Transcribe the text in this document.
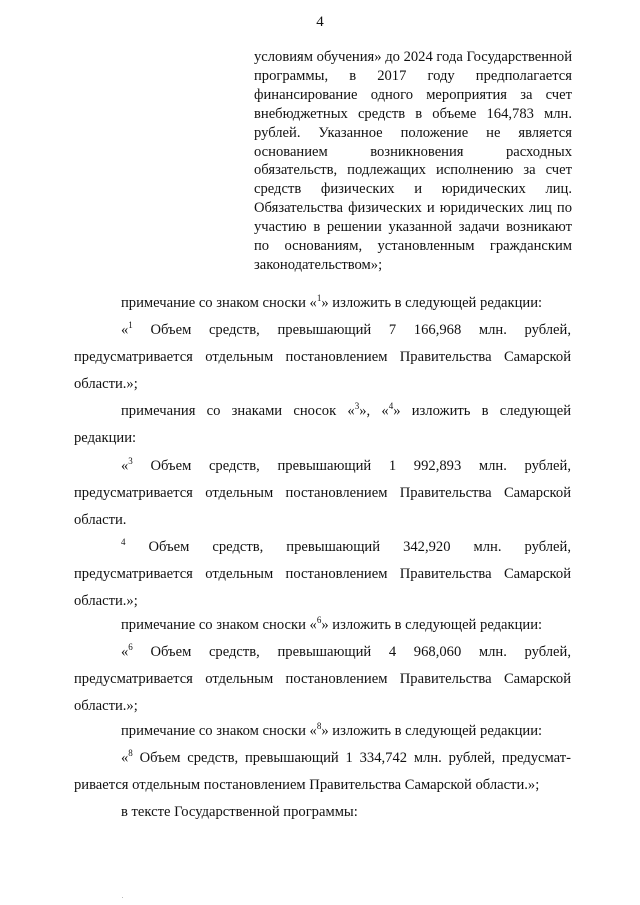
4
условиям обучения» до 2024 года Государственной программы, в 2017 году предполагается финансирование одного мероприятия за счет внебюджетных средств в объеме 164,783 млн. рублей. Указанное положение не является основанием возникновения расходных обязательств, подлежащих исполнению за счет средств физических и юридических лиц. Обязательства физических и юридических лиц по участию в решении указанной задачи возникают по основаниям, установленным гражданским законодательством»;
примечание со знаком сноски «$^1$» изложить в следующей редакции:
«$^1$ Объем средств, превышающий 7 166,968 млн. рублей, предусматривается отдельным постановлением Правительства Самарской области.»;
примечания со знаками сносок «$^3$», «$^4$» изложить в следующей редакции:
«$^3$ Объем средств, превышающий 1 992,893 млн. рублей, предусматривается отдельным постановлением Правительства Самарской области.
$^4$ Объем средств, превышающий 342,920 млн. рублей, предусматривается отдельным постановлением Правительства Самарской области.»;
примечание со знаком сноски «$^6$» изложить в следующей редакции:
«$^6$ Объем средств, превышающий 4 968,060 млн. рублей, предусматривается отдельным постановлением Правительства Самарской области.»;
примечание со знаком сноски «$^8$» изложить в следующей редакции:
«$^8$ Объем средств, превышающий 1 334,742 млн. рублей, предусмат-ривается отдельным постановлением Правительства Самарской области.»;
в тексте Государственной программы:
